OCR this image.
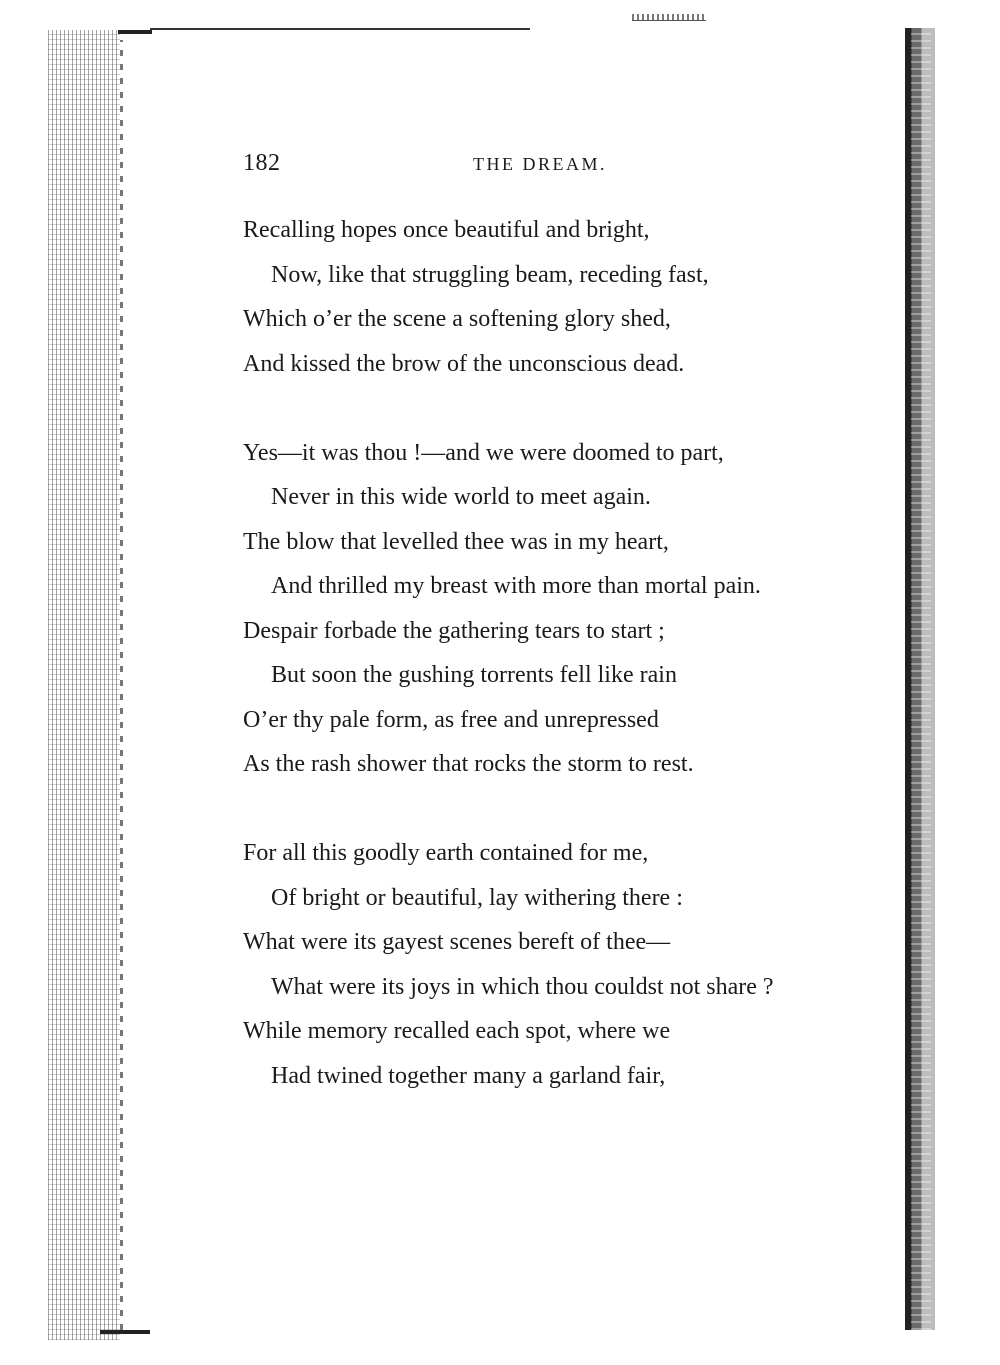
182	THE DREAM.
Recalling hopes once beautiful and bright,
Now, like that struggling beam, receding fast,
Which o’er the scene a softening glory shed,
And kissed the brow of the unconscious dead.
Yes—it was thou !—and we were doomed to part,
Never in this wide world to meet again.
The blow that levelled thee was in my heart,
And thrilled my breast with more than mortal pain.
Despair forbade the gathering tears to start ;
But soon the gushing torrents fell like rain
O’er thy pale form, as free and unrepressed
As the rash shower that rocks the storm to rest.
For all this goodly earth contained for me,
Of bright or beautiful, lay withering there :
What were its gayest scenes bereft of thee—
What were its joys in which thou couldst not share ?
While memory recalled each spot, where we
Had twined together many a garland fair,
